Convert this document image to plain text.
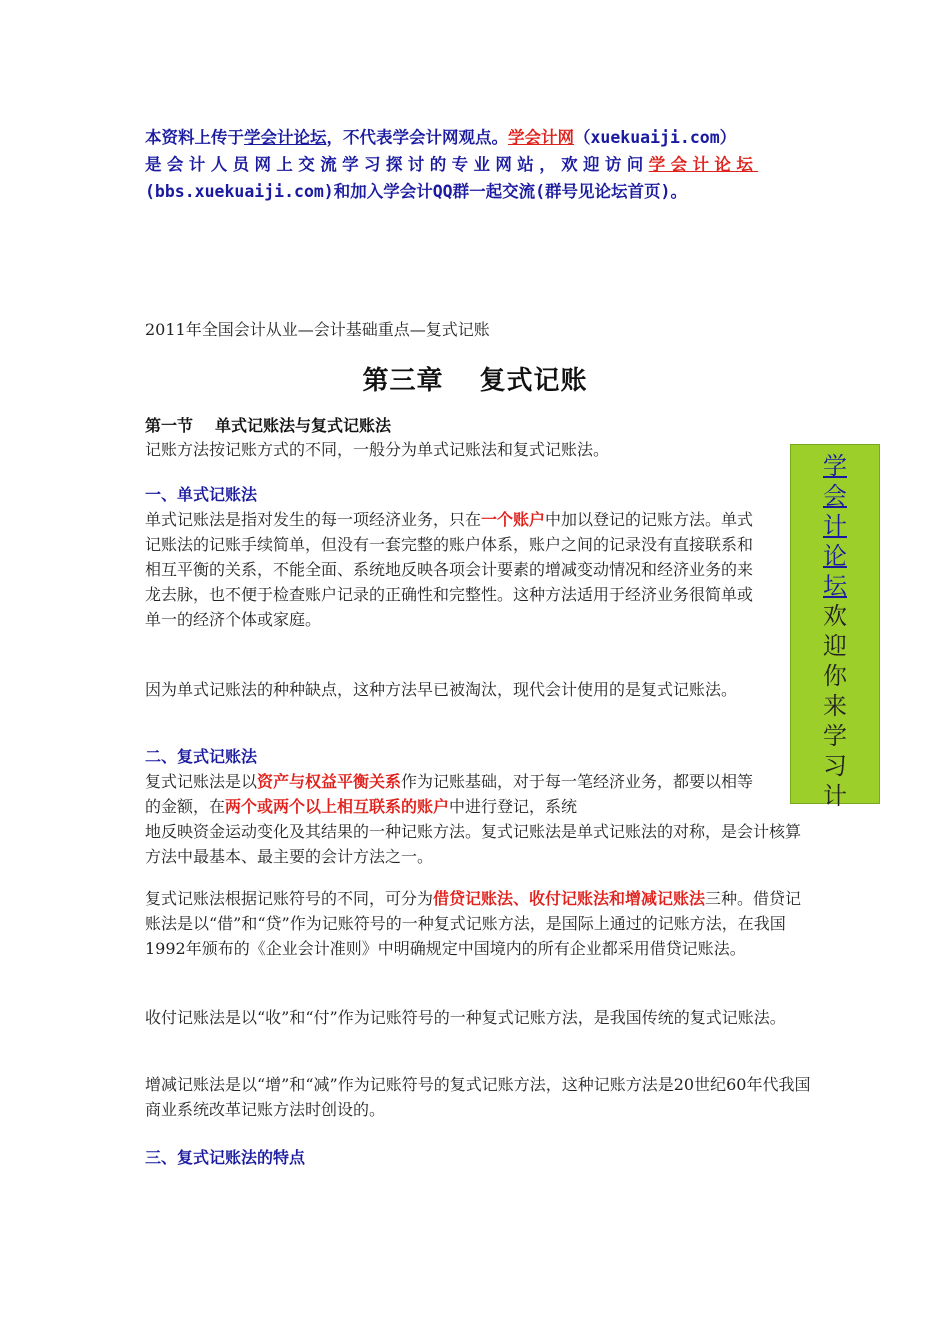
本资料上传于学会计论坛，不代表学会计网观点。学会计网（xuekuaiji.com）
是会计人员网上交流学习探讨的专业网站，欢迎访问学会计论坛
(bbs.xuekuaiji.com)和加入学会计QQ群一起交流(群号见论坛首页)。
2011年全国会计从业—会计基础重点—复式记账
第三章 复式记账
第一节 单式记账法与复式记账法
记账方法按记账方式的不同，一般分为单式记账法和复式记账法。
一、单式记账法
单式记账法是指对发生的每一项经济业务，只在一个账户中加以登记的记账方法。单式记账法的记账手续简单，但没有一套完整的账户体系，账户之间的记录没有直接联系和相互平衡的关系，不能全面、系统地反映各项会计要素的增减变动情况和经济业务的来龙去脉，也不便于检查账户记录的正确性和完整性。这种方法适用于经济业务很简单或单一的经济个体或家庭。
因为单式记账法的种种缺点，这种方法早已被淘汰，现代会计使用的是复式记账法。
二、复式记账法
复式记账法是以资产与权益平衡关系作为记账基础，对于每一笔经济业务，都要以相等的金额，在两个或两个以上相互联系的账户中进行登记，系统
地反映资金运动变化及其结果的一种记账方法。复式记账法是单式记账法的对称，是会计核算方法中最基本、最主要的会计方法之一。
复式记账法根据记账符号的不同，可分为借贷记账法、收付记账法和增减记账法三种。借贷记账法是以“借”和“贷”作为记账符号的一种复式记账方法，是国际上通过的记账方法，在我国1992年颁布的《企业会计准则》中明确规定中国境内的所有企业都采用借贷记账法。
收付记账法是以“收”和“付”作为记账符号的一种复式记账方法，是我国传统的复式记账法。
增减记账法是以“增”和“减”作为记账符号的复式记账方法，这种记账方法是20世纪60年代我国商业系统改革记账方法时创设的。
三、复式记账法的特点
学
会
计
论
坛
欢
迎
你
来
学
习
计
